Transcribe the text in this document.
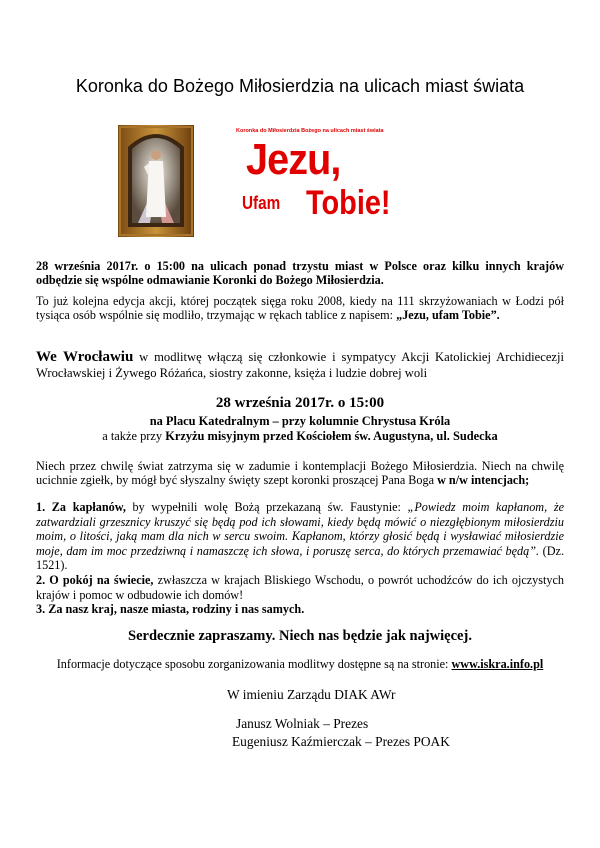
Koronka do Bożego Miłosierdzia na ulicach miast świata
Koronka do Miłosierdzia Bożego na ulicach miast świata
Jezu,
Ufam Tobie!
28 września 2017r. o 15:00 na ulicach ponad trzystu miast w Polsce oraz kilku innych krajów odbędzie się wspólne odmawianie Koronki do Bożego Miłosierdzia.
To już kolejna edycja akcji, której początek sięga roku 2008, kiedy na 111 skrzyżowaniach w Łodzi pół tysiąca osób wspólnie się modliło, trzymając w rękach tablice z napisem: „Jezu, ufam Tobie”.
We Wrocławiu w modlitwę włączą się członkowie i sympatycy Akcji Katolickiej Archidiecezji Wrocławskiej i Żywego Różańca, siostry zakonne, księża i ludzie dobrej woli
28 września 2017r. o 15:00
na Placu Katedralnym – przy kolumnie Chrystusa Króla
a także przy Krzyżu misyjnym przed Kościołem św. Augustyna, ul. Sudecka
Niech przez chwilę świat zatrzyma się w zadumie i kontemplacji Bożego Miłosierdzia. Niech na chwilę ucichnie zgiełk, by mógł być słyszalny święty szept koronki proszącej Pana Boga w n/w intencjach;
1. Za kapłanów, by wypełnili wolę Bożą przekazaną św. Faustynie: „Powiedz moim kapłanom, że zatwardziali grzesznicy kruszyć się będą pod ich słowami, kiedy będą mówić o niezgłębionym miłosierdziu moim, o litości, jaką mam dla nich w sercu swoim. Kapłanom, którzy głosić będą i wysławiać miłosierdzie moje, dam im moc przedziwną i namaszczę ich słowa, i poruszę serca, do których przemawiać będą”. (Dz. 1521).
2. O pokój na świecie, zwłaszcza w krajach Bliskiego Wschodu, o powrót uchodźców do ich ojczystych krajów i pomoc w odbudowie ich domów!
3. Za nasz kraj, nasze miasta, rodziny i nas samych.
Serdecznie zapraszamy. Niech nas będzie jak najwięcej.
Informacje dotyczące sposobu zorganizowania modlitwy dostępne są na stronie: www.iskra.info.pl
W imieniu Zarządu DIAK AWr
Janusz Wolniak – Prezes
Eugeniusz Kaźmierczak – Prezes POAK
